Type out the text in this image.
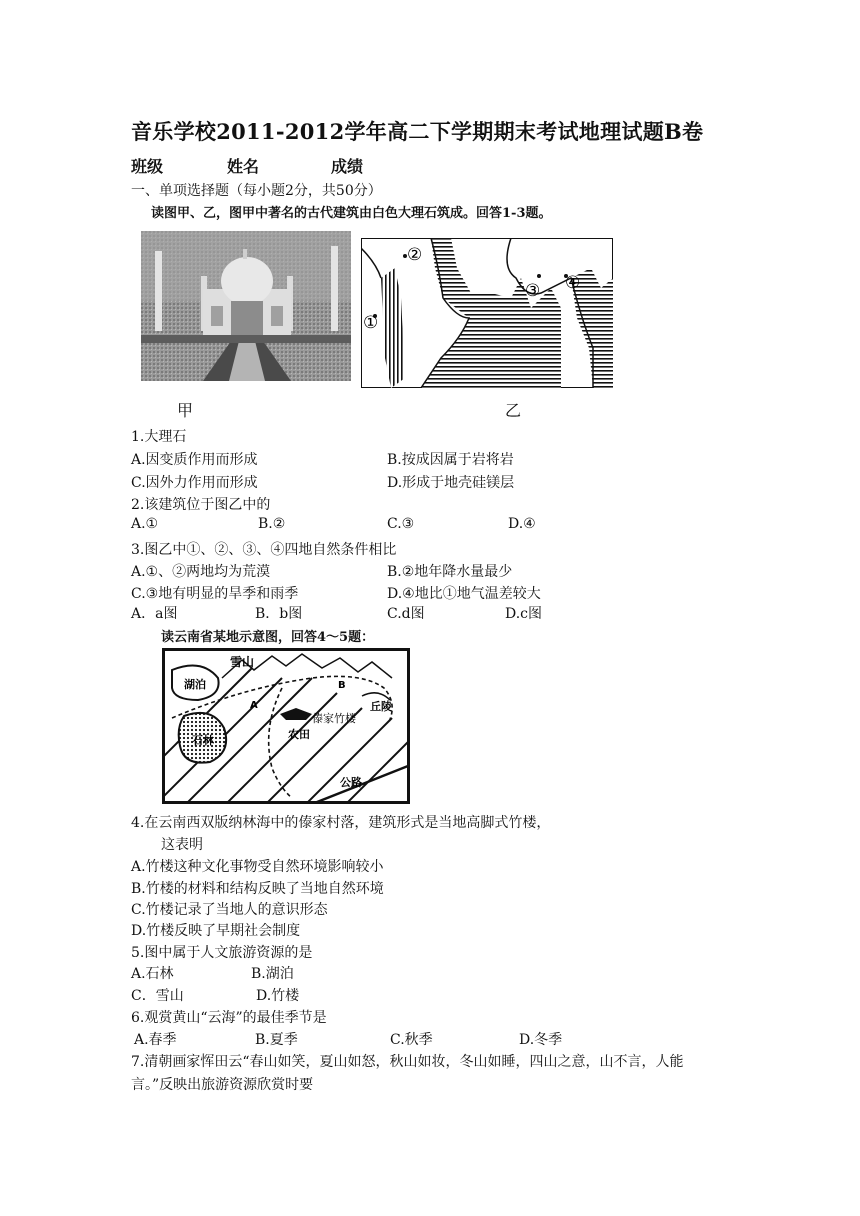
音乐学校2011-2012学年高二下学期期末考试地理试题B卷
班级	姓名	成绩
一、单项选择题（每小题2分，共50分）
读图甲、乙，图甲中著名的古代建筑由白色大理石筑成。回答1-3题。
②
①
③ ④
甲	乙
1.大理石
A.因变质作用而形成	B.按成因属于岩将岩
C.因外力作用而形成	D.形成于地壳硅镁层
2.该建筑位于图乙中的
A.①	B.②	C.③	D.④
3.图乙中①、②、③、④四地自然条件相比
A.①、②两地均为荒漠	B.②地年降水量最少
C.③地有明显的旱季和雨季	D.④地比①地气温差较大
A．a图	B．b图	C.d图	D.c图
读云南省某地示意图，回答4～5题：
雪山
湖泊
石林	农田
傣家竹楼
丘陵
公路
A
B
4.在云南西双版纳林海中的傣家村落，建筑形式是当地高脚式竹楼，
这表明
A.竹楼这种文化事物受自然环境影响较小
B.竹楼的材料和结构反映了当地自然环境
C.竹楼记录了当地人的意识形态
D.竹楼反映了早期社会制度
5.图中属于人文旅游资源的是
A.石林	B.湖泊
C．雪山	D.竹楼
6.观赏黄山“云海”的最佳季节是
A.春季	B.夏季	C.秋季	D.冬季
7.清朝画家恽田云“春山如笑，夏山如怒，秋山如妆，冬山如睡，四山之意，山不言，人能
言。”反映出旅游资源欣赏时要
